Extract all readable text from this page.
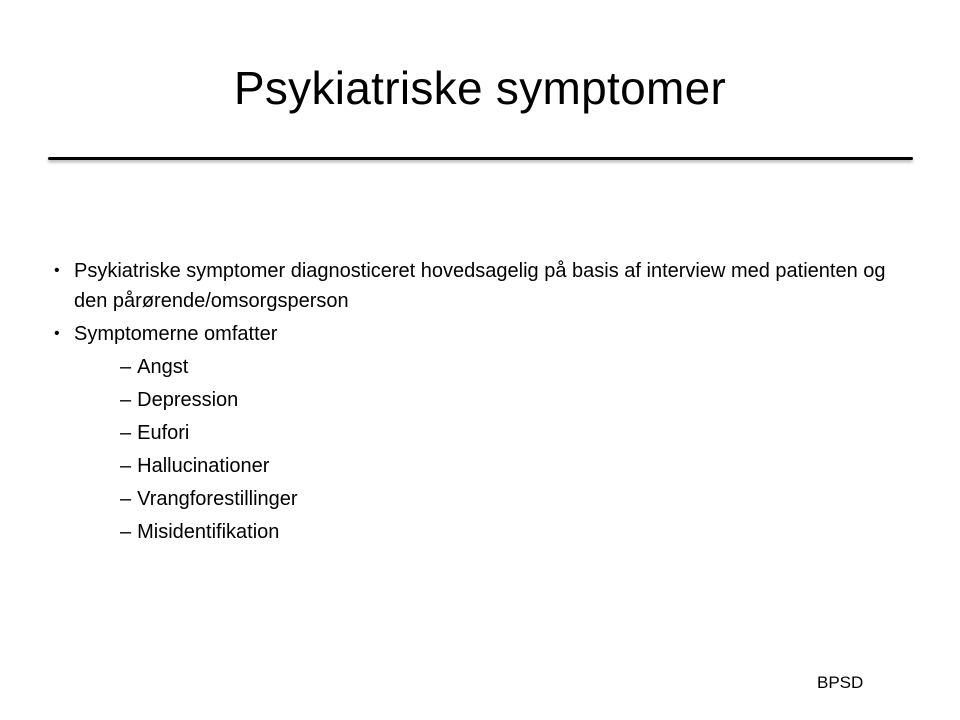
Psykiatriske symptomer
• Psykiatriske symptomer diagnosticeret hovedsagelig på basis af interview med patienten og den pårørende/omsorgsperson
• Symptomerne omfatter
– Angst
– Depression
– Eufori
– Hallucinationer
– Vrangforestillinger
– Misidentifikation
BPSD
